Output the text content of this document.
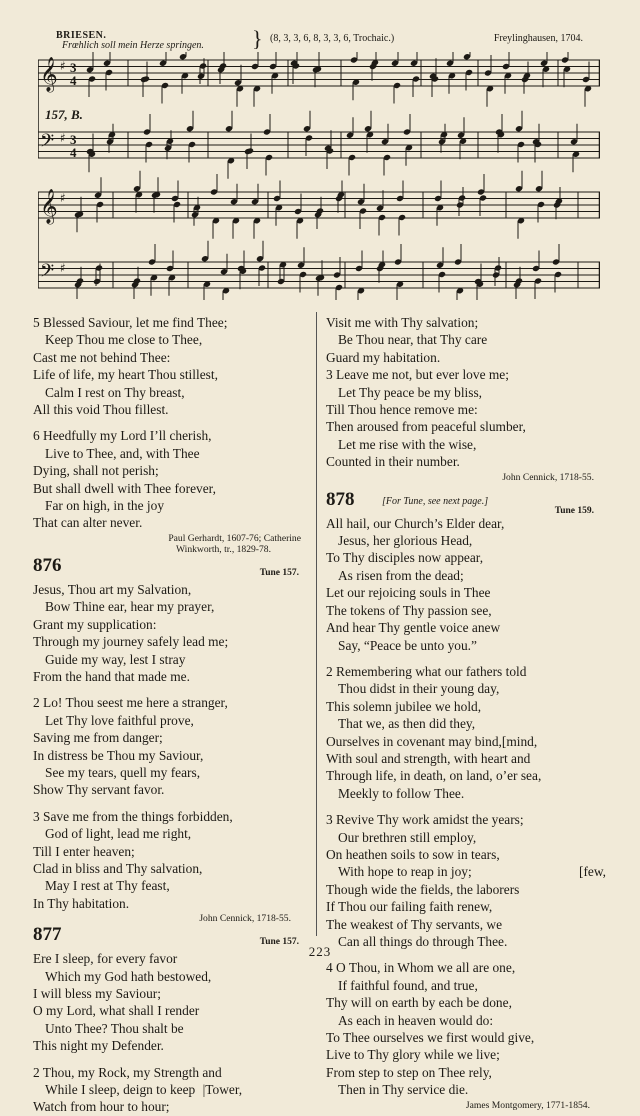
BRIESEN.
Frœhlich soll mein Herze springen. } (8, 3, 3, 6, 8, 3, 3, 6, Trochaic.)	Freylinghausen, 1704.
𝄞 ♯ 3
4
𝄢 ♯ 3
4
𝄞 ♯
𝄢 ♯
157, B.
5 Blessed Saviour, let me find Thee;
Keep Thou me close to Thee,
Cast me not behind Thee:
Life of life, my heart Thou stillest,
Calm I rest on Thy breast,
All this void Thou fillest.
6 Heedfully my Lord I’ll cherish,
Live to Thee, and, with Thee
Dying, shall not perish;
But shall dwell with Thee forever,
Far on high, in the joy
That can alter never.
Paul Gerhardt, 1607-76; Catherine
Winkworth, tr., 1829-78.
876	Tune 157.
Jesus, Thou art my Salvation,
Bow Thine ear, hear my prayer,
Grant my supplication:
Through my journey safely lead me;
Guide my way, lest I stray
From the hand that made me.
2 Lo! Thou seest me here a stranger,
Let Thy love faithful prove,
Saving me from danger;
In distress be Thou my Saviour,
See my tears, quell my fears,
Show Thy servant favor.
3 Save me from the things forbidden,
God of light, lead me right,
Till I enter heaven;
Clad in bliss and Thy salvation,
May I rest at Thy feast,
In Thy habitation.
John Cennick, 1718-55.
877	Tune 157.
Ere I sleep, for every favor
Which my God hath bestowed,
I will bless my Saviour;
O my Lord, what shall I render
Unto Thee? Thou shalt be
This night my Defender.
2 Thou, my Rock, my Strength and
While I sleep, deign to keep |Tower,
Watch from hour to hour;
Visit me with Thy salvation;
Be Thou near, that Thy care
Guard my habitation.
3 Leave me not, but ever love me;
Let Thy peace be my bliss,
Till Thou hence remove me:
Then aroused from peaceful slumber,
Let me rise with the wise,
Counted in their number.
John Cennick, 1718-55.
878	[For Tune, see next page.]
Tune 159.
All hail, our Church’s Elder dear,
Jesus, her glorious Head,
To Thy disciples now appear,
As risen from the dead;
Let our rejoicing souls in Thee
The tokens of Thy passion see,
And hear Thy gentle voice anew
Say, “Peace be unto you.”
2 Remembering what our fathers told
Thou didst in their young day,
This solemn jubilee we hold,
That we, as then did they,
Ourselves in covenant may bind,[mind,
With soul and strength, with heart and
Through life, in death, on land, o’er sea,
Meekly to follow Thee.
3 Revive Thy work amidst the years;
Our brethren still employ,
On heathen soils to sow in tears,
With hope to reap in joy;	[few,
Though wide the fields, the laborers
If Thou our failing faith renew,
The weakest of Thy servants, we
Can all things do through Thee.
4 O Thou, in Whom we all are one,
If faithful found, and true,
Thy will on earth by each be done,
As each in heaven would do:
To Thee ourselves we first would give,
Live to Thy glory while we live;
From step to step on Thee rely,
Then in Thy service die.
James Montgomery, 1771-1854.
223
